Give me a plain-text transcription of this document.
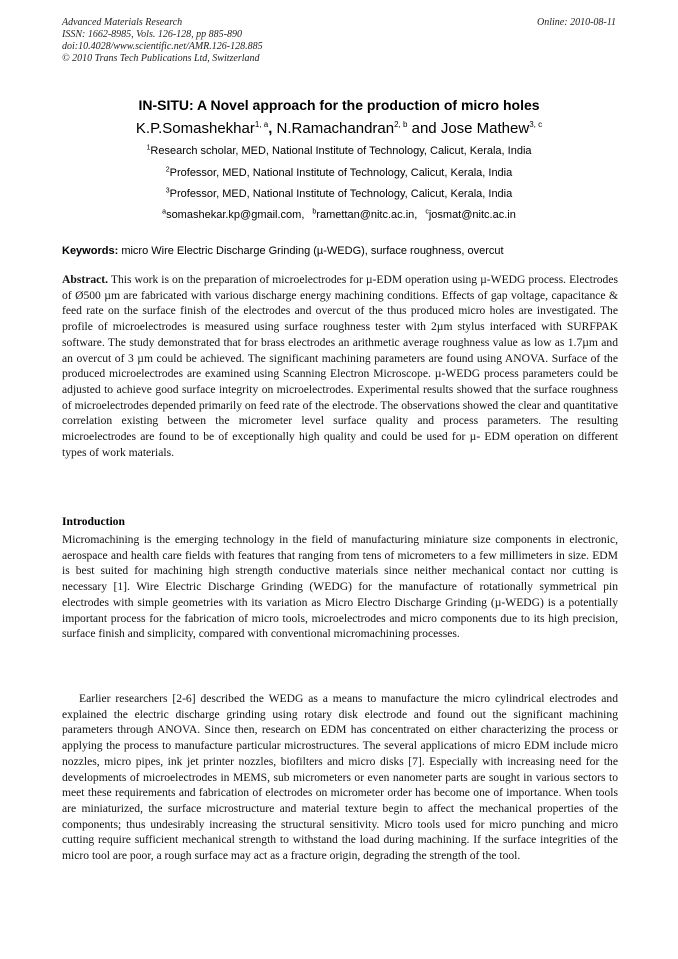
Advanced Materials Research
ISSN: 1662-8985, Vols. 126-128, pp 885-890
doi:10.4028/www.scientific.net/AMR.126-128.885
© 2010 Trans Tech Publications Ltd, Switzerland
Online: 2010-08-11
IN-SITU: A Novel approach for the production of micro holes
K.P.Somashekhar$^{1, a}$, N.Ramachandran$^{2, b}$ and Jose Mathew$^{3, c}$
$^1$Research scholar, MED, National Institute of Technology, Calicut, Kerala, India
$^2$Professor, MED, National Institute of Technology, Calicut, Kerala, India
$^3$Professor, MED, National Institute of Technology, Calicut, Kerala, India
$^a$somashekar.kp@gmail.com, $^b$ramettan@nitc.ac.in, $^c$josmat@nitc.ac.in
Keywords: micro Wire Electric Discharge Grinding (µ-WEDG), surface roughness, overcut

Abstract. This work is on the preparation of microelectrodes for µ-EDM operation using µ-WEDG process. Electrodes of Ø500 µm are fabricated with various discharge energy machining conditions. Effects of gap voltage, capacitance & feed rate on the surface finish of the electrodes and overcut of the thus produced micro holes are investigated. The profile of microelectrodes is measured using surface roughness tester with 2µm stylus interfaced with SURFPAK software. The study demonstrated that for brass electrodes an arithmetic average roughness value as low as 1.7µm and an overcut of 3 µm could be achieved. The significant machining parameters are found using ANOVA. Surface of the produced microelectrodes are examined using Scanning Electron Microscope. µ-WEDG process parameters could be adjusted to achieve good surface integrity on microelectrodes. Experimental results showed that the surface roughness of microelectrodes depended primarily on feed rate of the electrode. The observations showed the clear and quantitative correlation existing between the micrometer level surface quality and process parameters. The resulting microelectrodes are found to be of exceptionally high quality and could be used for µ- EDM operation on different types of work materials.

Introduction

Micromachining is the emerging technology in the field of manufacturing miniature size components in electronic, aerospace and health care fields with features that ranging from tens of micrometers to a few millimeters in size. EDM is best suited for machining high strength conductive materials since neither mechanical contact nor cutting is necessary [1]. Wire Electric Discharge Grinding (WEDG) for the manufacture of rotationally symmetrical pin electrodes with simple geometries with its variation as Micro Electro Discharge Grinding (µ-WEDG) is a potentially important process for the fabrication of micro tools, microelectrodes and micro components due to its high precision, surface finish and simplicity, compared with conventional micromachining processes.

Earlier researchers [2-6] described the WEDG as a means to manufacture the micro cylindrical electrodes and explained the electric discharge grinding using rotary disk electrode and found out the significant machining parameters through ANOVA. Since then, research on EDM has concentrated on either characterizing the process or applying the process to manufacture particular microstructures. The several applications of micro EDM include micro nozzles, micro pipes, ink jet printer nozzles, biofilters and micro disks [7]. Especially with increasing need for the developments of microelectrodes in MEMS, sub micrometers or even nanometer parts are sought in various sectors to meet these requirements and fabrication of electrodes on micrometer order has become one of importance. When tools are miniaturized, the surface microstructure and material texture begin to affect the mechanical properties of the components; thus undesirably increasing the structural sensitivity. Micro tools used for micro punching and micro cutting require sufficient mechanical strength to withstand the load during machining. If the surface integrities of the micro tool are poor, a rough surface may act as a fracture origin, degrading the strength of the tool.
